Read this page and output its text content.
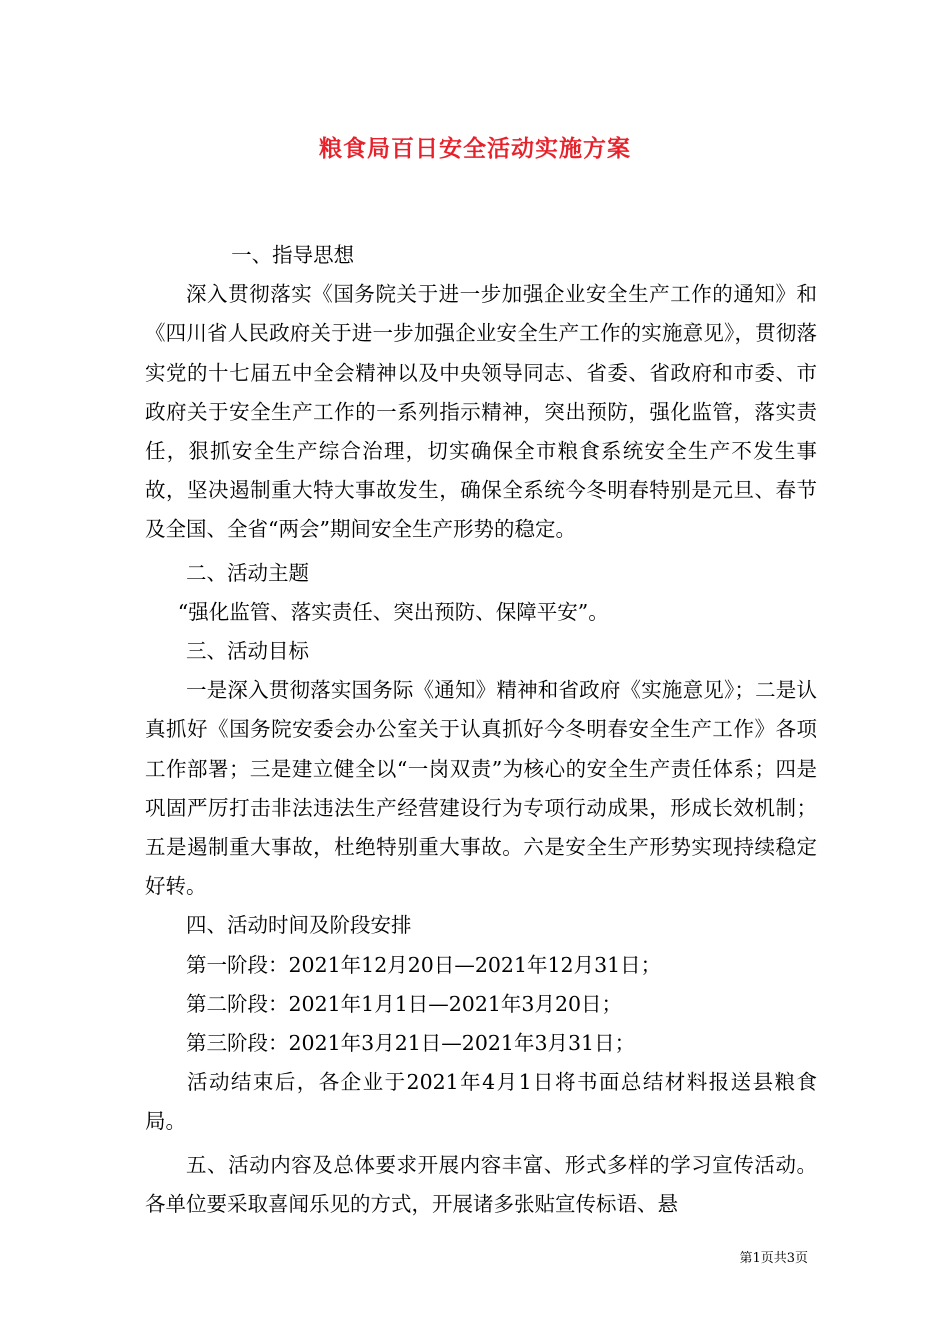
粮食局百日安全活动实施方案

一、指导思想

深入贯彻落实《国务院关于进一步加强企业安全生产工作的通知》和《四川省人民政府关于进一步加强企业安全生产工作的实施意见》，贯彻落实党的十七届五中全会精神以及中央领导同志、省委、省政府和市委、市政府关于安全生产工作的一系列指示精神，突出预防，强化监管，落实责任，狠抓安全生产综合治理，切实确保全市粮食系统安全生产不发生事故，坚决遏制重大特大事故发生，确保全系统今冬明春特别是元旦、春节及全国、全省“两会”期间安全生产形势的稳定。

二、活动主题

“强化监管、落实责任、突出预防、保障平安”。

三、活动目标

一是深入贯彻落实国务际《通知》精神和省政府《实施意见》；二是认真抓好《国务院安委会办公室关于认真抓好今冬明春安全生产工作》各项工作部署；三是建立健全以“一岗双责”为核心的安全生产责任体系；四是巩固严厉打击非法违法生产经营建设行为专项行动成果，形成长效机制；五是遏制重大事故，杜绝特别重大事故。六是安全生产形势实现持续稳定好转。

四、活动时间及阶段安排

第一阶段：2021年12月20日—2021年12月31日；

第二阶段：2021年1月1日—2021年3月20日；

第三阶段：2021年3月21日—2021年3月31日；

活动结束后，各企业于2021年4月1日将书面总结材料报送县粮食局。

五、活动内容及总体要求开展内容丰富、形式多样的学习宣传活动。各单位要采取喜闻乐见的方式，开展诸多张贴宣传标语、悬

第1页共3页
